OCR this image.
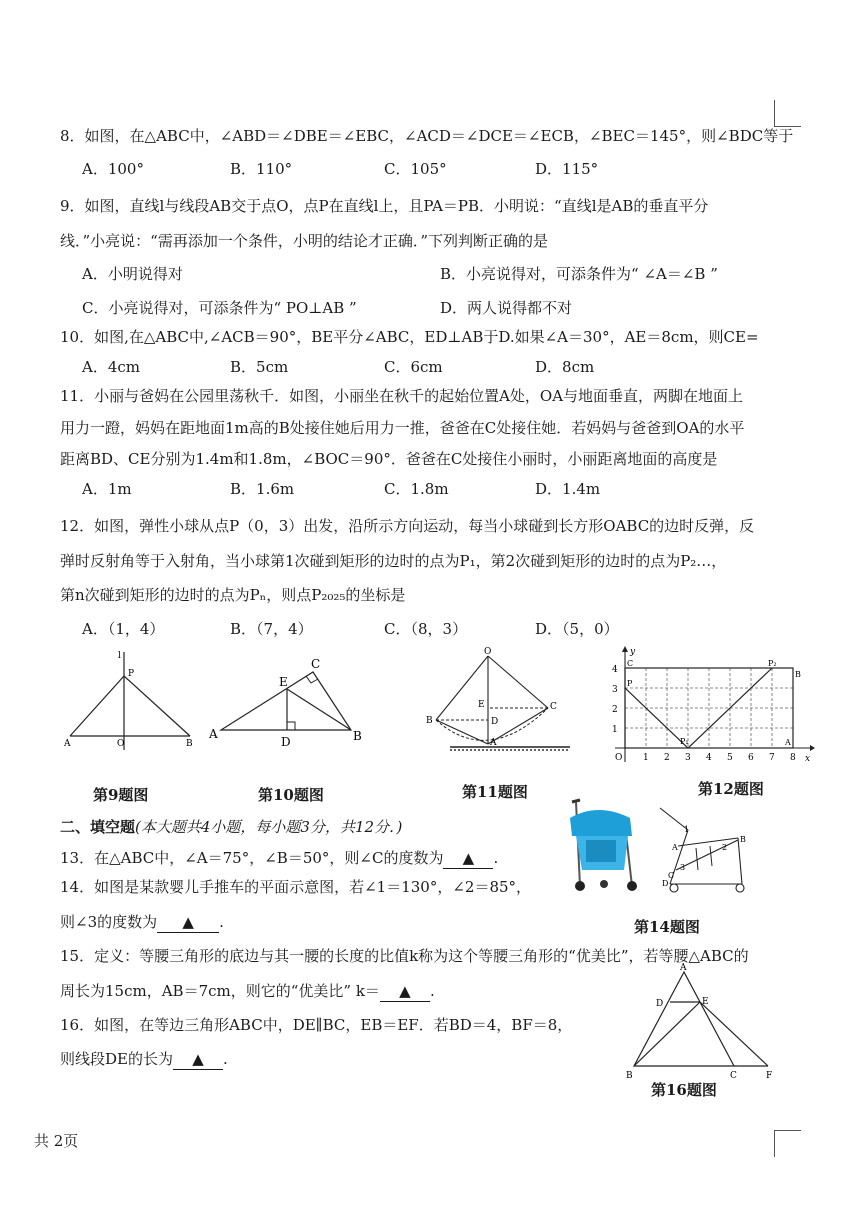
8．如图，在△ABC中，∠ABD＝∠DBE＝∠EBC，∠ACD＝∠DCE＝∠ECB，∠BEC＝145°，则∠BDC等于
A．100°	B．110°	C．105°	D．115°
9．如图，直线l与线段AB交于点O，点P在直线l上，且PA＝PB．小明说：“直线l是AB的垂直平分
线．”小亮说：“需再添加一个条件，小明的结论才正确．”下列判断正确的是
A．小明说得对	B．小亮说得对，可添条件为“ ∠A＝∠B ”
C．小亮说得对，可添条件为“ PO⊥AB ”	D．两人说得都不对
10．如图,在△ABC中,∠ACB＝90°，BE平分∠ABC，ED⊥AB于D.如果∠A＝30°，AE＝8cm，则CE=
A．4cm	B．5cm	C．6cm	D．8cm
11．小丽与爸妈在公园里荡秋千．如图，小丽坐在秋千的起始位置A处，OA与地面垂直，两脚在地面上
用力一蹬，妈妈在距地面1m高的B处接住她后用力一推，爸爸在C处接住她．若妈妈与爸爸到OA的水平
距离BD、CE分别为1.4m和1.8m，∠BOC＝90°．爸爸在C处接住小丽时，小丽距离地面的高度是
A．1m	B．1.6m	C．1.8m	D．1.4m
12．如图，弹性小球从点P（0，3）出发，沿所示方向运动，每当小球碰到长方形OABC的边时反弹，反
弹时反射角等于入射角，当小球第1次碰到矩形的边时的点为P₁，第2次碰到矩形的边时的点为P₂…，
第n次碰到矩形的边时的点为Pₙ，则点P₂₀₂₅的坐标是
A．（1，4）	B．（7，4）	C．（8，3）	D．（5，0）
l
P
A	O	B
第9题图
C
E
A
D	B
第10题图
O
B
E
D
C
A
第11题图
1 2 3 4 5 6 7 8
1
2
3
4
y
x
O
C
P
P₁
B
A
P₂
第12题图
二、填空题(本大题共4小题，每小题3分，共12分．)
13．在△ABC中，∠A＝75°，∠B＝50°，则∠C的度数为 ▲ .
14．如图是某款婴儿手推车的平面示意图，若∠1＝130°，∠2＝85°，
则∠3的度数为 ▲ .
1
A
B
2
3
C
D
第14题图
15．定义：等腰三角形的底边与其一腰的长度的比值k称为这个等腰三角形的“优美比”，若等腰△ABC的
周长为15cm，AB＝7cm，则它的“优美比” k＝ ▲ .
16．如图，在等边三角形ABC中，DE∥BC，EB＝EF．若BD＝4，BF＝8，
则线段DE的长为 ▲ .
A
D	E
B	C	F
第16题图
共 2页
